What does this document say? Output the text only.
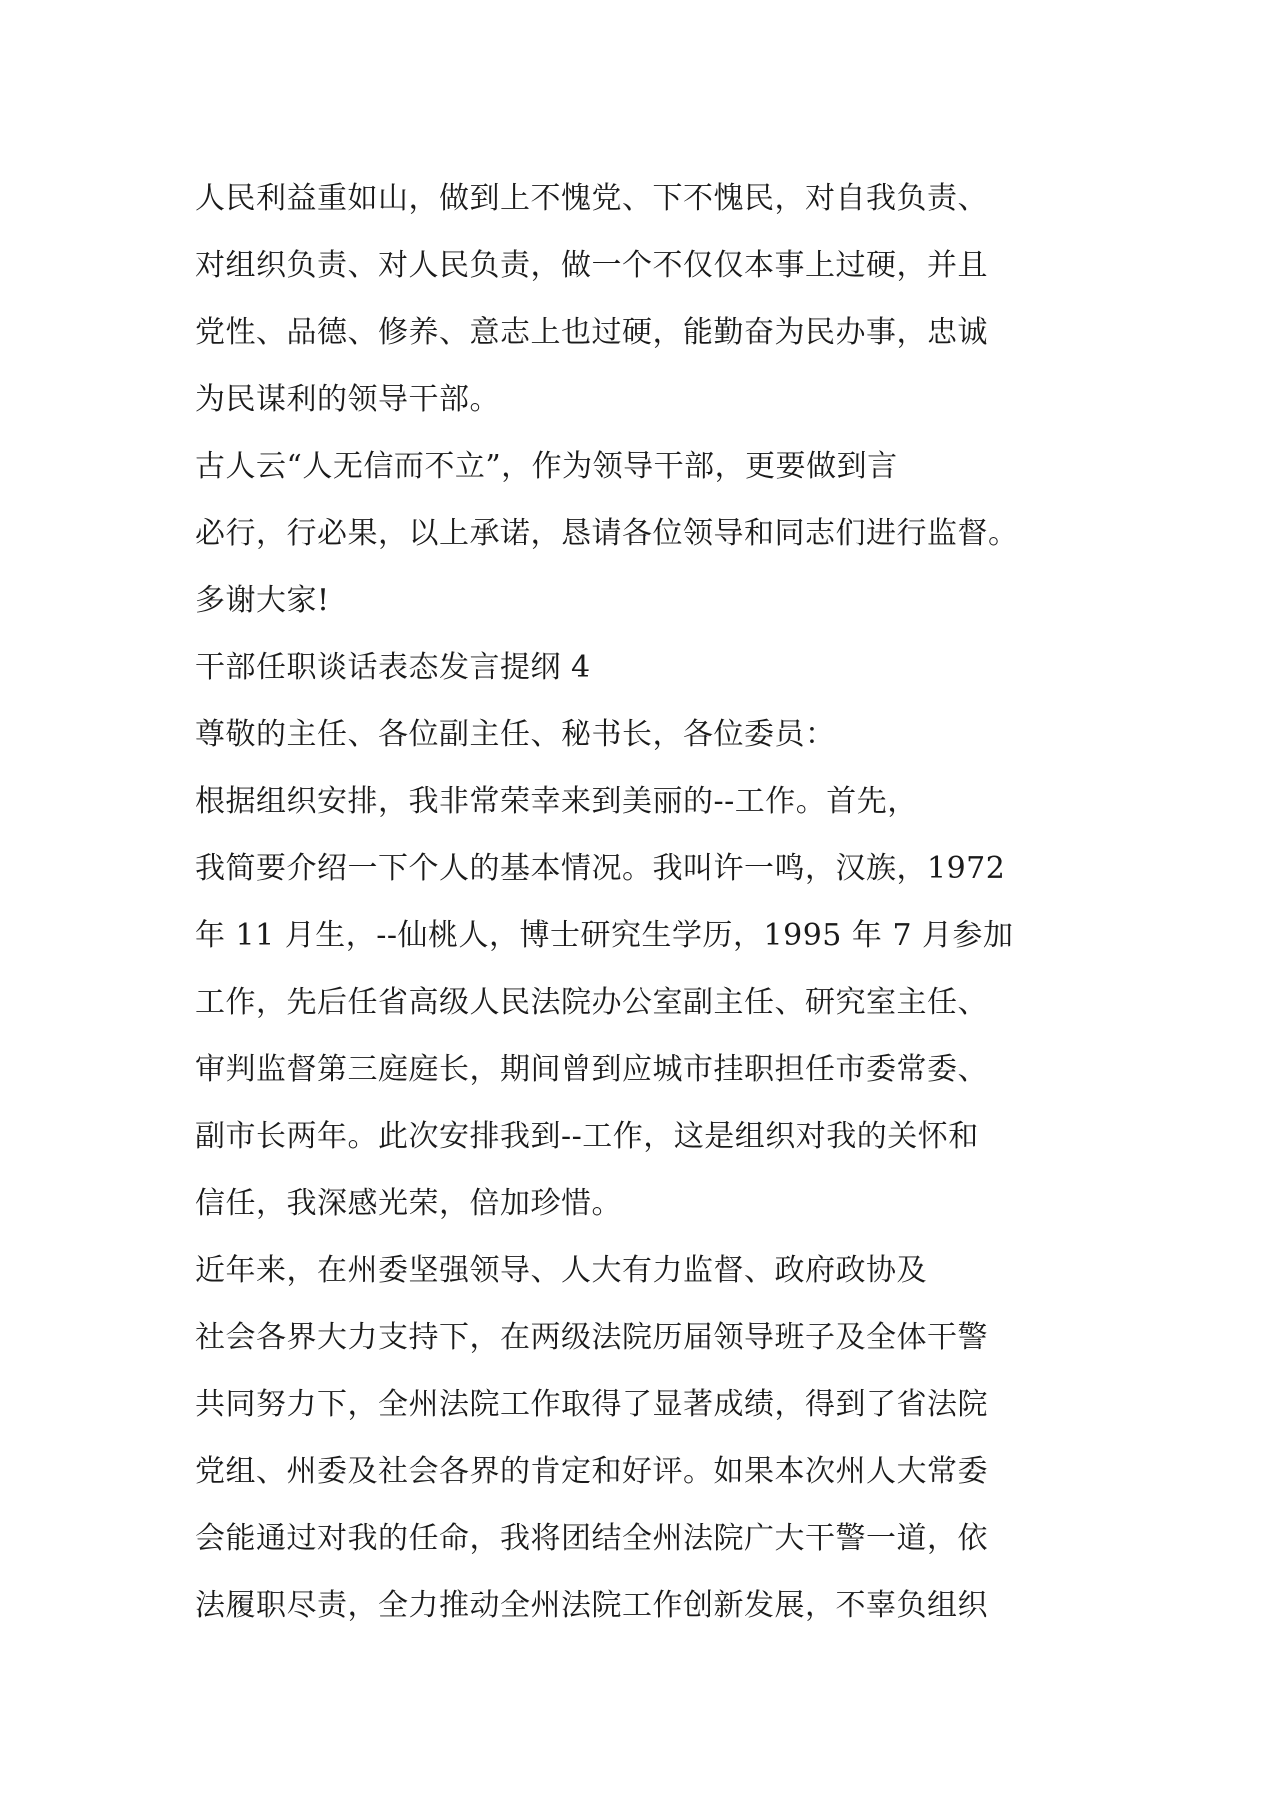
人民利益重如山，做到上不愧党、下不愧民，对自我负责、
对组织负责、对人民负责，做一个不仅仅本事上过硬，并且
党性、品德、修养、意志上也过硬，能勤奋为民办事，忠诚
为民谋利的领导干部。
古人云“人无信而不立”，作为领导干部，更要做到言
必行，行必果，以上承诺，恳请各位领导和同志们进行监督。
多谢大家!
干部任职谈话表态发言提纲 4
尊敬的主任、各位副主任、秘书长，各位委员：
根据组织安排，我非常荣幸来到美丽的--工作。首先，
我简要介绍一下个人的基本情况。我叫许一鸣，汉族，1972
年 11 月生，--仙桃人，博士研究生学历，1995 年 7 月参加
工作，先后任省高级人民法院办公室副主任、研究室主任、
审判监督第三庭庭长，期间曾到应城市挂职担任市委常委、
副市长两年。此次安排我到--工作，这是组织对我的关怀和
信任，我深感光荣，倍加珍惜。
近年来，在州委坚强领导、人大有力监督、政府政协及
社会各界大力支持下，在两级法院历届领导班子及全体干警
共同努力下，全州法院工作取得了显著成绩，得到了省法院
党组、州委及社会各界的肯定和好评。如果本次州人大常委
会能通过对我的任命，我将团结全州法院广大干警一道，依
法履职尽责，全力推动全州法院工作创新发展，不辜负组织
